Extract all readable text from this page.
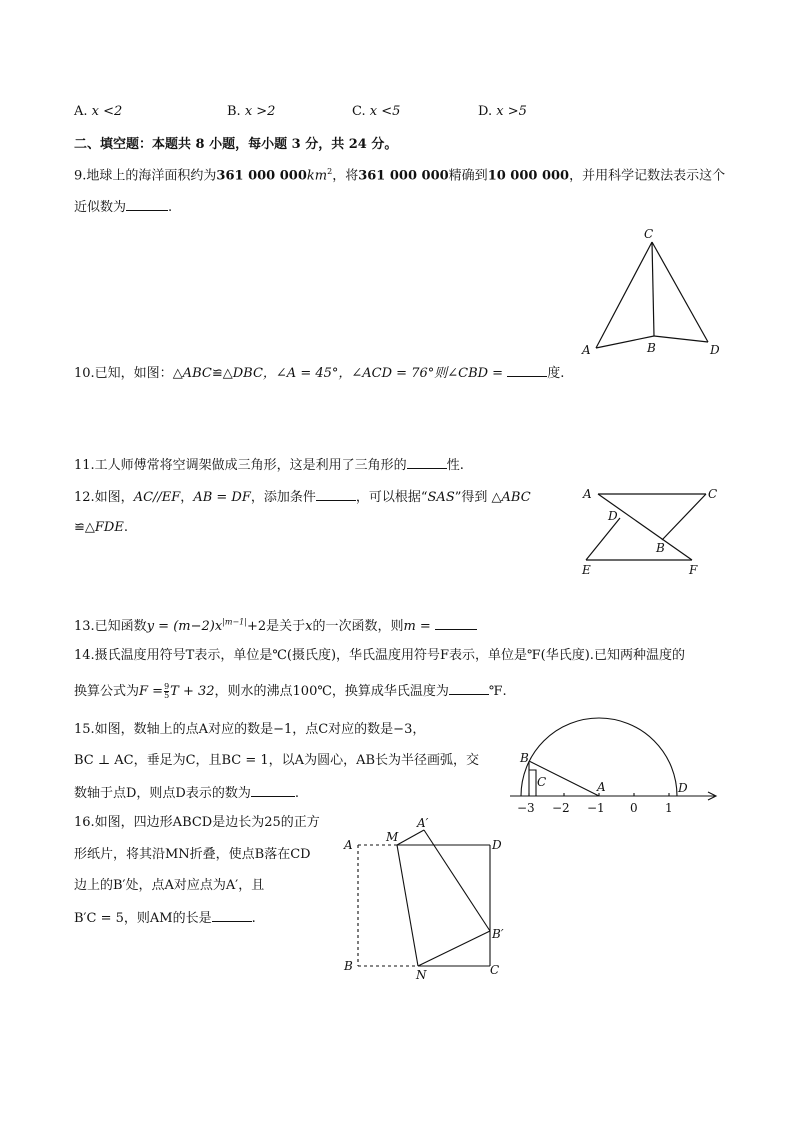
A. x <2	B. x >2	C. x <5	D. x >5
二、填空题：本题共 8 小题，每小题 3 分，共 24 分。
9.地球上的海洋面积约为361 000 $000km^2$，将361 000 000精确到10 000 000，并用科学记数法表示这个
近似数为	.
C
A	B	D
10.已知，如图：△ABC≌△DBC，∠A = 45°，∠ACD = 76°则∠CBD =	度.
11.工人师傅常将空调架做成三角形，这是利用了三角形的	性.
12.如图，AC//EF，AB = DF，添加条件	，可以根据“SAS”得到 △ABC
≌△FDE.
A	C
D
B
E	F
13.已知函数$y = (m-2)x^{|m-1|}+2$是关于x的一次函数，则m =
14.摄氏温度用符号T表示，单位是℃(摄氏度)，华氏温度用符号F表示，单位是℉(华氏度).已知两种温度的
换算公式为$F = \frac{9}{5}$ T + 32，则水的沸点100℃，换算成华氏温度为	℉.
15.如图，数轴上的点A对应的数是−1，点C对应的数是−3，
BC ⊥ AC，垂足为C，且BC = 1，以A为圆心，AB长为半径画弧，交
数轴于点D，则点D表示的数为	.
B
C	A	D
−3 −2 −1 0 1
16.如图，四边形ABCD是边长为25的正方
形纸片，将其沿MN折叠，使点B落在CD
边上的B′处，点A对应点为A′，且
B′C = 5，则AM的长是	.
M
A′
A	D
B′
B
N	C
